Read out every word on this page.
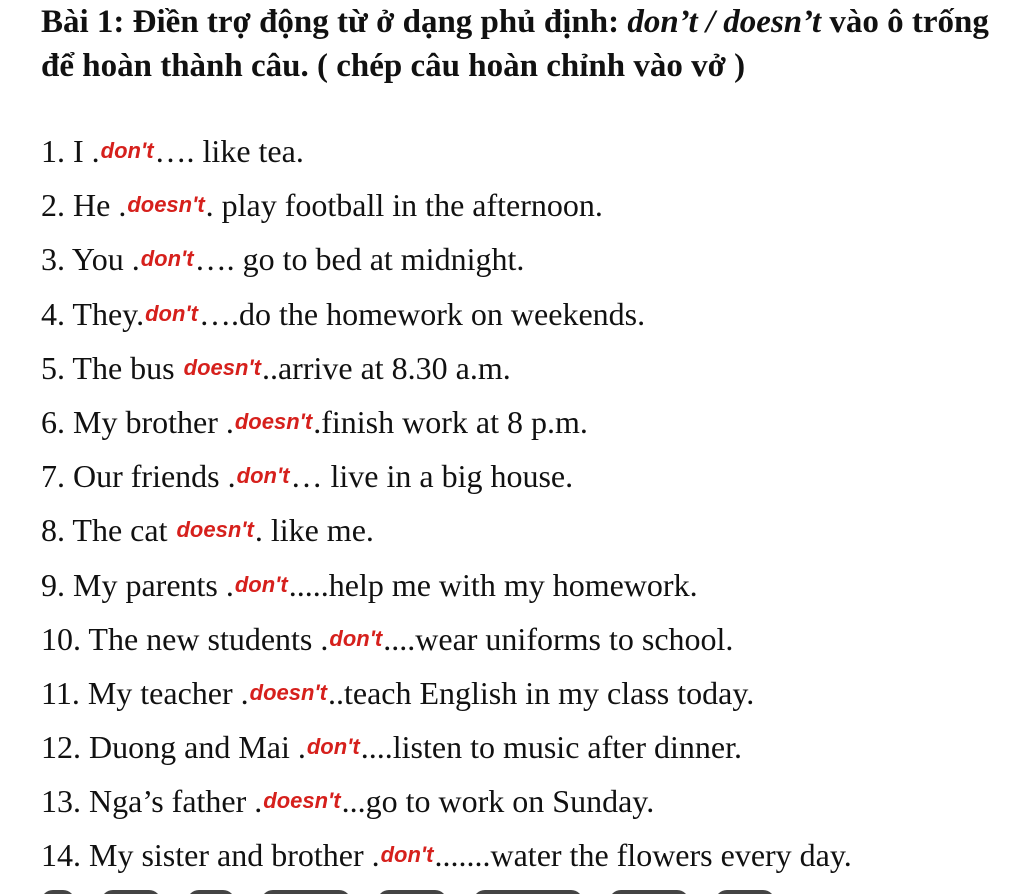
Bài 1: Điền trợ động từ ở dạng phủ định: don’t / doesn’t vào ô trống để hoàn thành câu. ( chép câu hoàn chỉnh vào vở )

1. I .don't…. like tea.
2. He .doesn't. play football in the afternoon.
3. You .don't…. go to bed at midnight.
4. They.don't….do the homework on weekends.
5. The bus doesn't..arrive at 8.30 a.m.
6. My brother .doesn't.finish work at 8 p.m.
7. Our friends .don't… live in a big house.
8. The cat doesn't. like me.
9. My parents .don't.....help me with my homework.
10. The new students .don't....wear uniforms to school.
11. My teacher .doesn't..teach English in my class today.
12. Duong and Mai .don't....listen to music after dinner.
13. Nga’s father .doesn't...go to work on Sunday.
14. My sister and brother .don't.......water the flowers every day.
